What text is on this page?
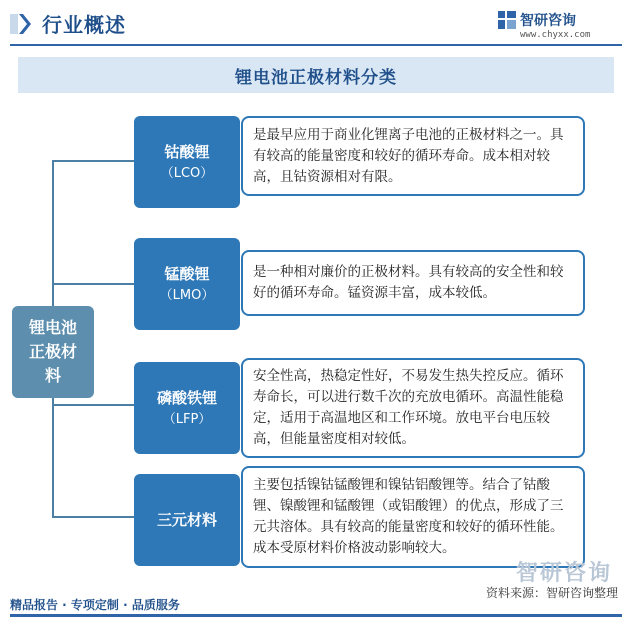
行业概述	智研咨询
www.chyxx.com
锂电池正极材料分类
锂电池正极材料
钴酸锂
（LCO）
是最早应用于商业化锂离子电池的正极材料之一。具有较高的能量密度和较好的循环寿命。成本相对较高，且钴资源相对有限。
锰酸锂
（LMO）
是一种相对廉价的正极材料。具有较高的安全性和较好的循环寿命。锰资源丰富，成本较低。
磷酸铁锂
（LFP）
安全性高，热稳定性好，不易发生热失控反应。循环寿命长，可以进行数千次的充放电循环。高温性能稳定，适用于高温地区和工作环境。放电平台电压较高，但能量密度相对较低。
三元材料
主要包括镍钴锰酸锂和镍钴铝酸锂等。结合了钴酸锂、镍酸锂和锰酸锂（或铝酸锂）的优点，形成了三元共溶体。具有较高的能量密度和较好的循环性能。成本受原材料价格波动影响较大。
智研咨询
资料来源：智研咨询整理
精品报告 · 专项定制 · 品质服务
